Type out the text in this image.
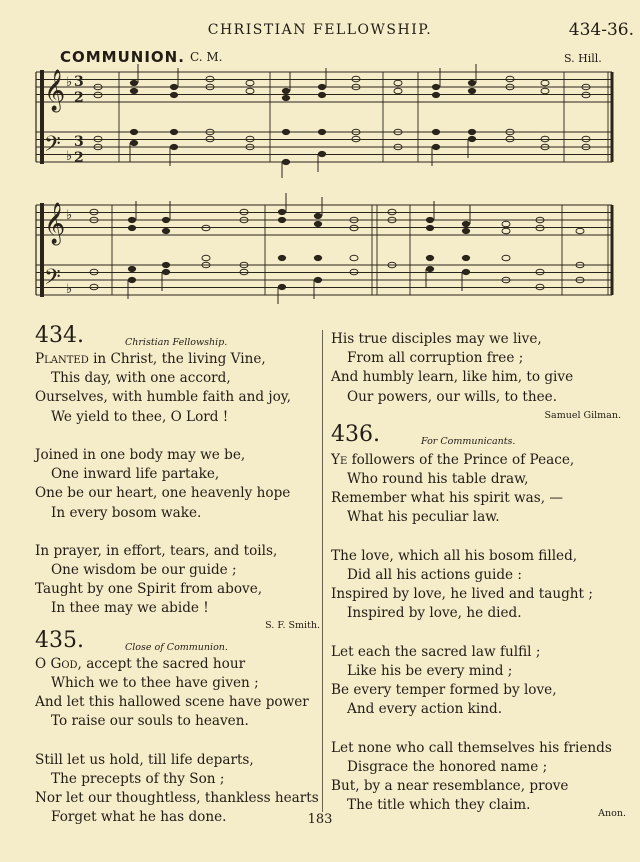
CHRISTIAN FELLOWSHIP.	434-36.
COMMUNION. C. M.	S. Hill.
𝄞
𝄢
𝄞
𝄢
♭
♭
♭
♭
3
2
3
2
434.	Christian Fellowship.
Planted in Christ, the living Vine,
This day, with one accord,
Ourselves, with humble faith and joy,
We yield to thee, O Lord !
Joined in one body may we be,
One inward life partake,
One be our heart, one heavenly hope
In every bosom wake.
In prayer, in effort, tears, and toils,
One wisdom be our guide ;
Taught by one Spirit from above,
In thee may we abide !
S. F. Smith.
435.	Close of Communion.
O God, accept the sacred hour
Which we to thee have given ;
And let this hallowed scene have power
To raise our souls to heaven.
Still let us hold, till life departs,
The precepts of thy Son ;
Nor let our thoughtless, thankless hearts
Forget what he has done.
His true disciples may we live,
From all corruption free ;
And humbly learn, like him, to give
Our powers, our wills, to thee.
Samuel Gilman.
436.	For Communicants.
Ye followers of the Prince of Peace,
Who round his table draw,
Remember what his spirit was, —
What his peculiar law.
The love, which all his bosom filled,
Did all his actions guide :
Inspired by love, he lived and taught ;
Inspired by love, he died.
Let each the sacred law fulfil ;
Like his be every mind ;
Be every temper formed by love,
And every action kind.
Let none who call themselves his friends
Disgrace the honored name ;
But, by a near resemblance, prove
The title which they claim.
183	Anon.
